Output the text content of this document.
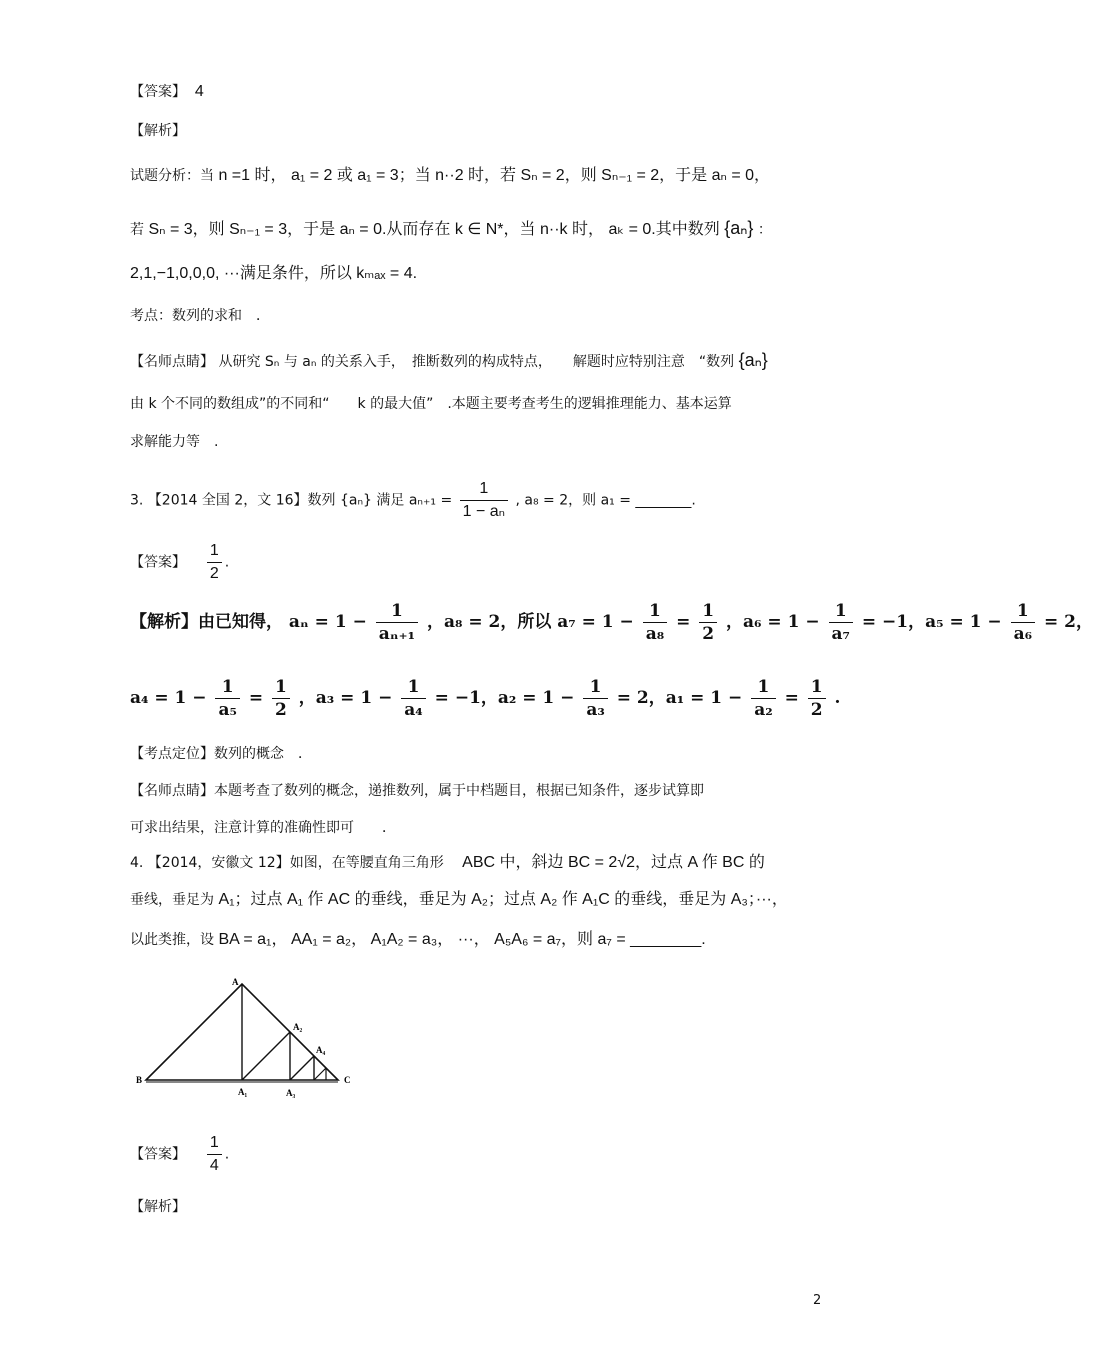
【答案】 4
【解析】
试题分析：当 n =1 时， a₁ = 2 或 a₁ = 3；当 n··2 时，若 Sₙ = 2，则 Sₙ₋₁ = 2，于是 aₙ = 0，
若 Sₙ = 3，则 Sₙ₋₁ = 3，于是 aₙ = 0.从而存在 k ∈ N*，当 n··k 时， aₖ = 0.其中数列 {aₙ} ：
2,1,−1,0,0,0, ···满足条件，所以 kₘₐₓ = 4.
考点：数列的求和　．
【名师点睛】 从研究 Sₙ 与 aₙ 的关系入手，　推断数列的构成特点，　　解题时应特别注意　“数列 {aₙ}
由 k 个不同的数组成”的不同和“　　k 的最大值”　.本题主要考查考生的逻辑推理能力、基本运算
求解能力等　.
3. 【2014 全国 2，文 16】数列 {aₙ} 满足 $a_{n+1} = \frac{1}{\text{1 − aₙ}}$ , a₈ = 2，则 a₁ = ________.
【答案】 $\frac{1}{2}$ .
【解析】由已知得， $a_n = 1 - \frac{1}{\text{aₙ₊₁}}$ ，a₈ = 2，所以 $a_7 = 1 - \frac{1}{\text{a₈}} = \frac{1}{2}$ ，$a_6 = 1 - \frac{1}{\text{a₇}} = -1$，$a_5 = 1 - \frac{1}{\text{a₆}} = 2$，
$a_4 = 1 - \frac{1}{\text{a₅}} = \frac{1}{2}$ ，$a_3 = 1 - \frac{1}{\text{a₄}} = -1$，$a_2 = 1 - \frac{1}{\text{a₃}} = 2$，$a_1 = 1 - \frac{1}{\text{a₂}} = \frac{1}{2}$ .
【考点定位】数列的概念　．
【名师点睛】本题考查了数列的概念，递推数列，属于中档题目，根据已知条件，逐步试算即
可求出结果，注意计算的准确性即可　　．
4. 【2014，安徽文 12】如图，在等腰直角三角形　 ABC 中，斜边 BC = 2√2，过点 A 作 BC 的
垂线，垂足为 A₁；过点 A₁ 作 AC 的垂线，垂足为 A₂；过点 A₂ 作 A₁C 的垂线，垂足为 A₃；···，
以此类推，设 BA = a₁， AA₁ = a₂， A₁A₂ = a₃， ···， A₅A₆ = a₇，则 a₇ = ________.
A
B	C
A₁
A₂
A₃
A₄
【答案】 $\frac{1}{4}$ .
【解析】
2
